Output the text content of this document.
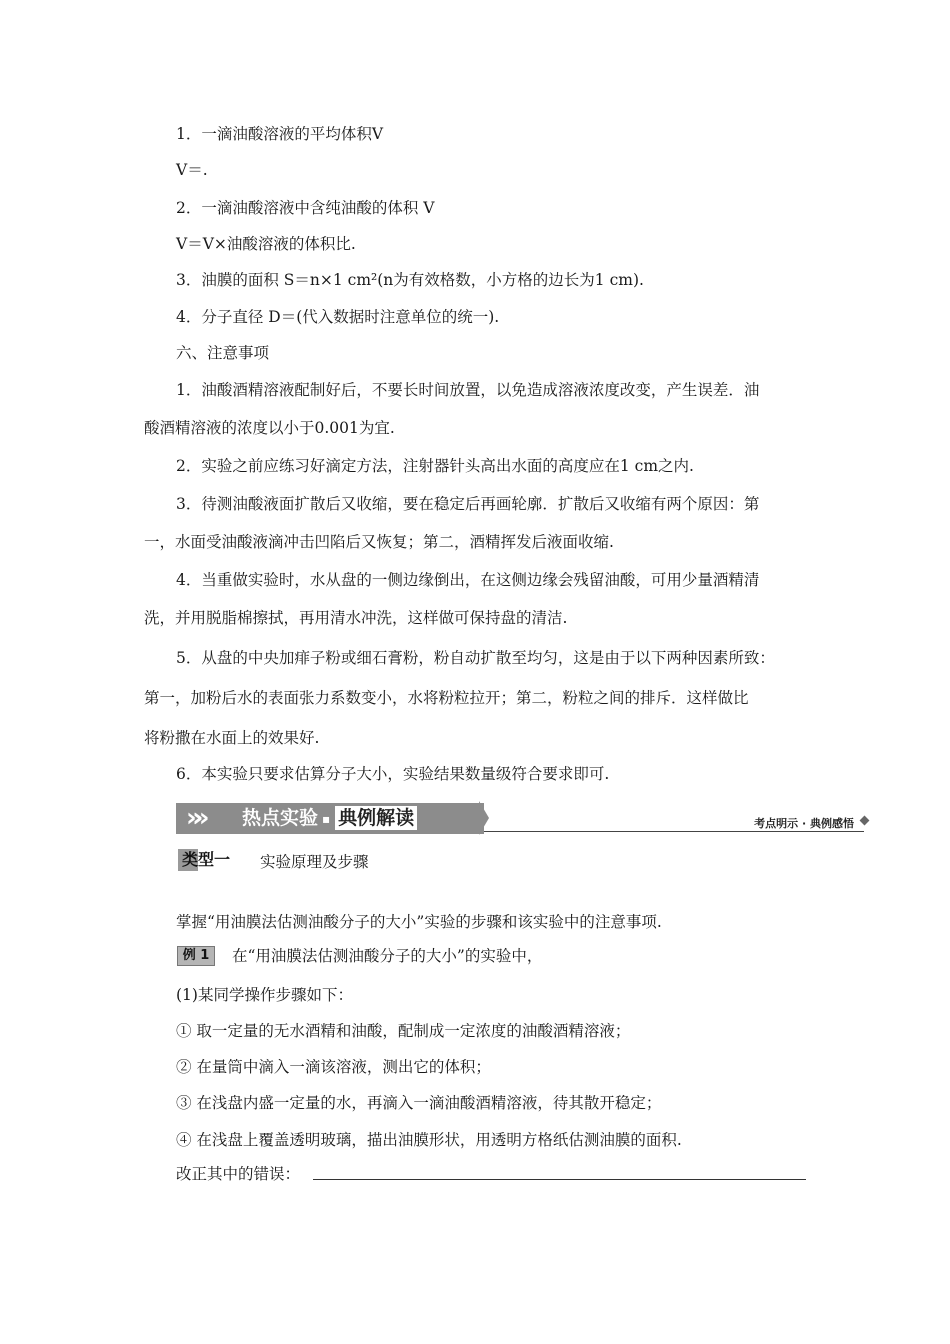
1．一滴油酸溶液的平均体积V
V＝.
2．一滴油酸溶液中含纯油酸的体积 V
V＝V×油酸溶液的体积比.
3．油膜的面积 S＝n×1 cm²(n为有效格数，小方格的边长为1 cm).
4．分子直径 D＝(代入数据时注意单位的统一).
六、注意事项
1．油酸酒精溶液配制好后，不要长时间放置，以免造成溶液浓度改变，产生误差．油
酸酒精溶液的浓度以小于0.001为宜.
2．实验之前应练习好滴定方法，注射器针头高出水面的高度应在1 cm之内.
3．待测油酸液面扩散后又收缩，要在稳定后再画轮廓．扩散后又收缩有两个原因：第
一，水面受油酸液滴冲击凹陷后又恢复；第二，酒精挥发后液面收缩.
4．当重做实验时，水从盘的一侧边缘倒出，在这侧边缘会残留油酸，可用少量酒精清
洗，并用脱脂棉擦拭，再用清水冲洗，这样做可保持盘的清洁.
5．从盘的中央加痱子粉或细石膏粉，粉自动扩散至均匀，这是由于以下两种因素所致：
第一，加粉后水的表面张力系数变小，水将粉粒拉开；第二，粉粒之间的排斥．这样做比
将粉撒在水面上的效果好.
6．本实验只要求估算分子大小，实验结果数量级符合要求即可.
»» 热点实验 ▪ 典例解读	考点明示 · 典例感悟
类型一 实验原理及步骤
掌握“用油膜法估测油酸分子的大小”实验的步骤和该实验中的注意事项.
例 1	在“用油膜法估测油酸分子的大小”的实验中，
(1)某同学操作步骤如下：
① 取一定量的无水酒精和油酸，配制成一定浓度的油酸酒精溶液；
② 在量筒中滴入一滴该溶液，测出它的体积；
③ 在浅盘内盛一定量的水，再滴入一滴油酸酒精溶液，待其散开稳定；
④ 在浅盘上覆盖透明玻璃，描出油膜形状，用透明方格纸估测油膜的面积.
改正其中的错误：
